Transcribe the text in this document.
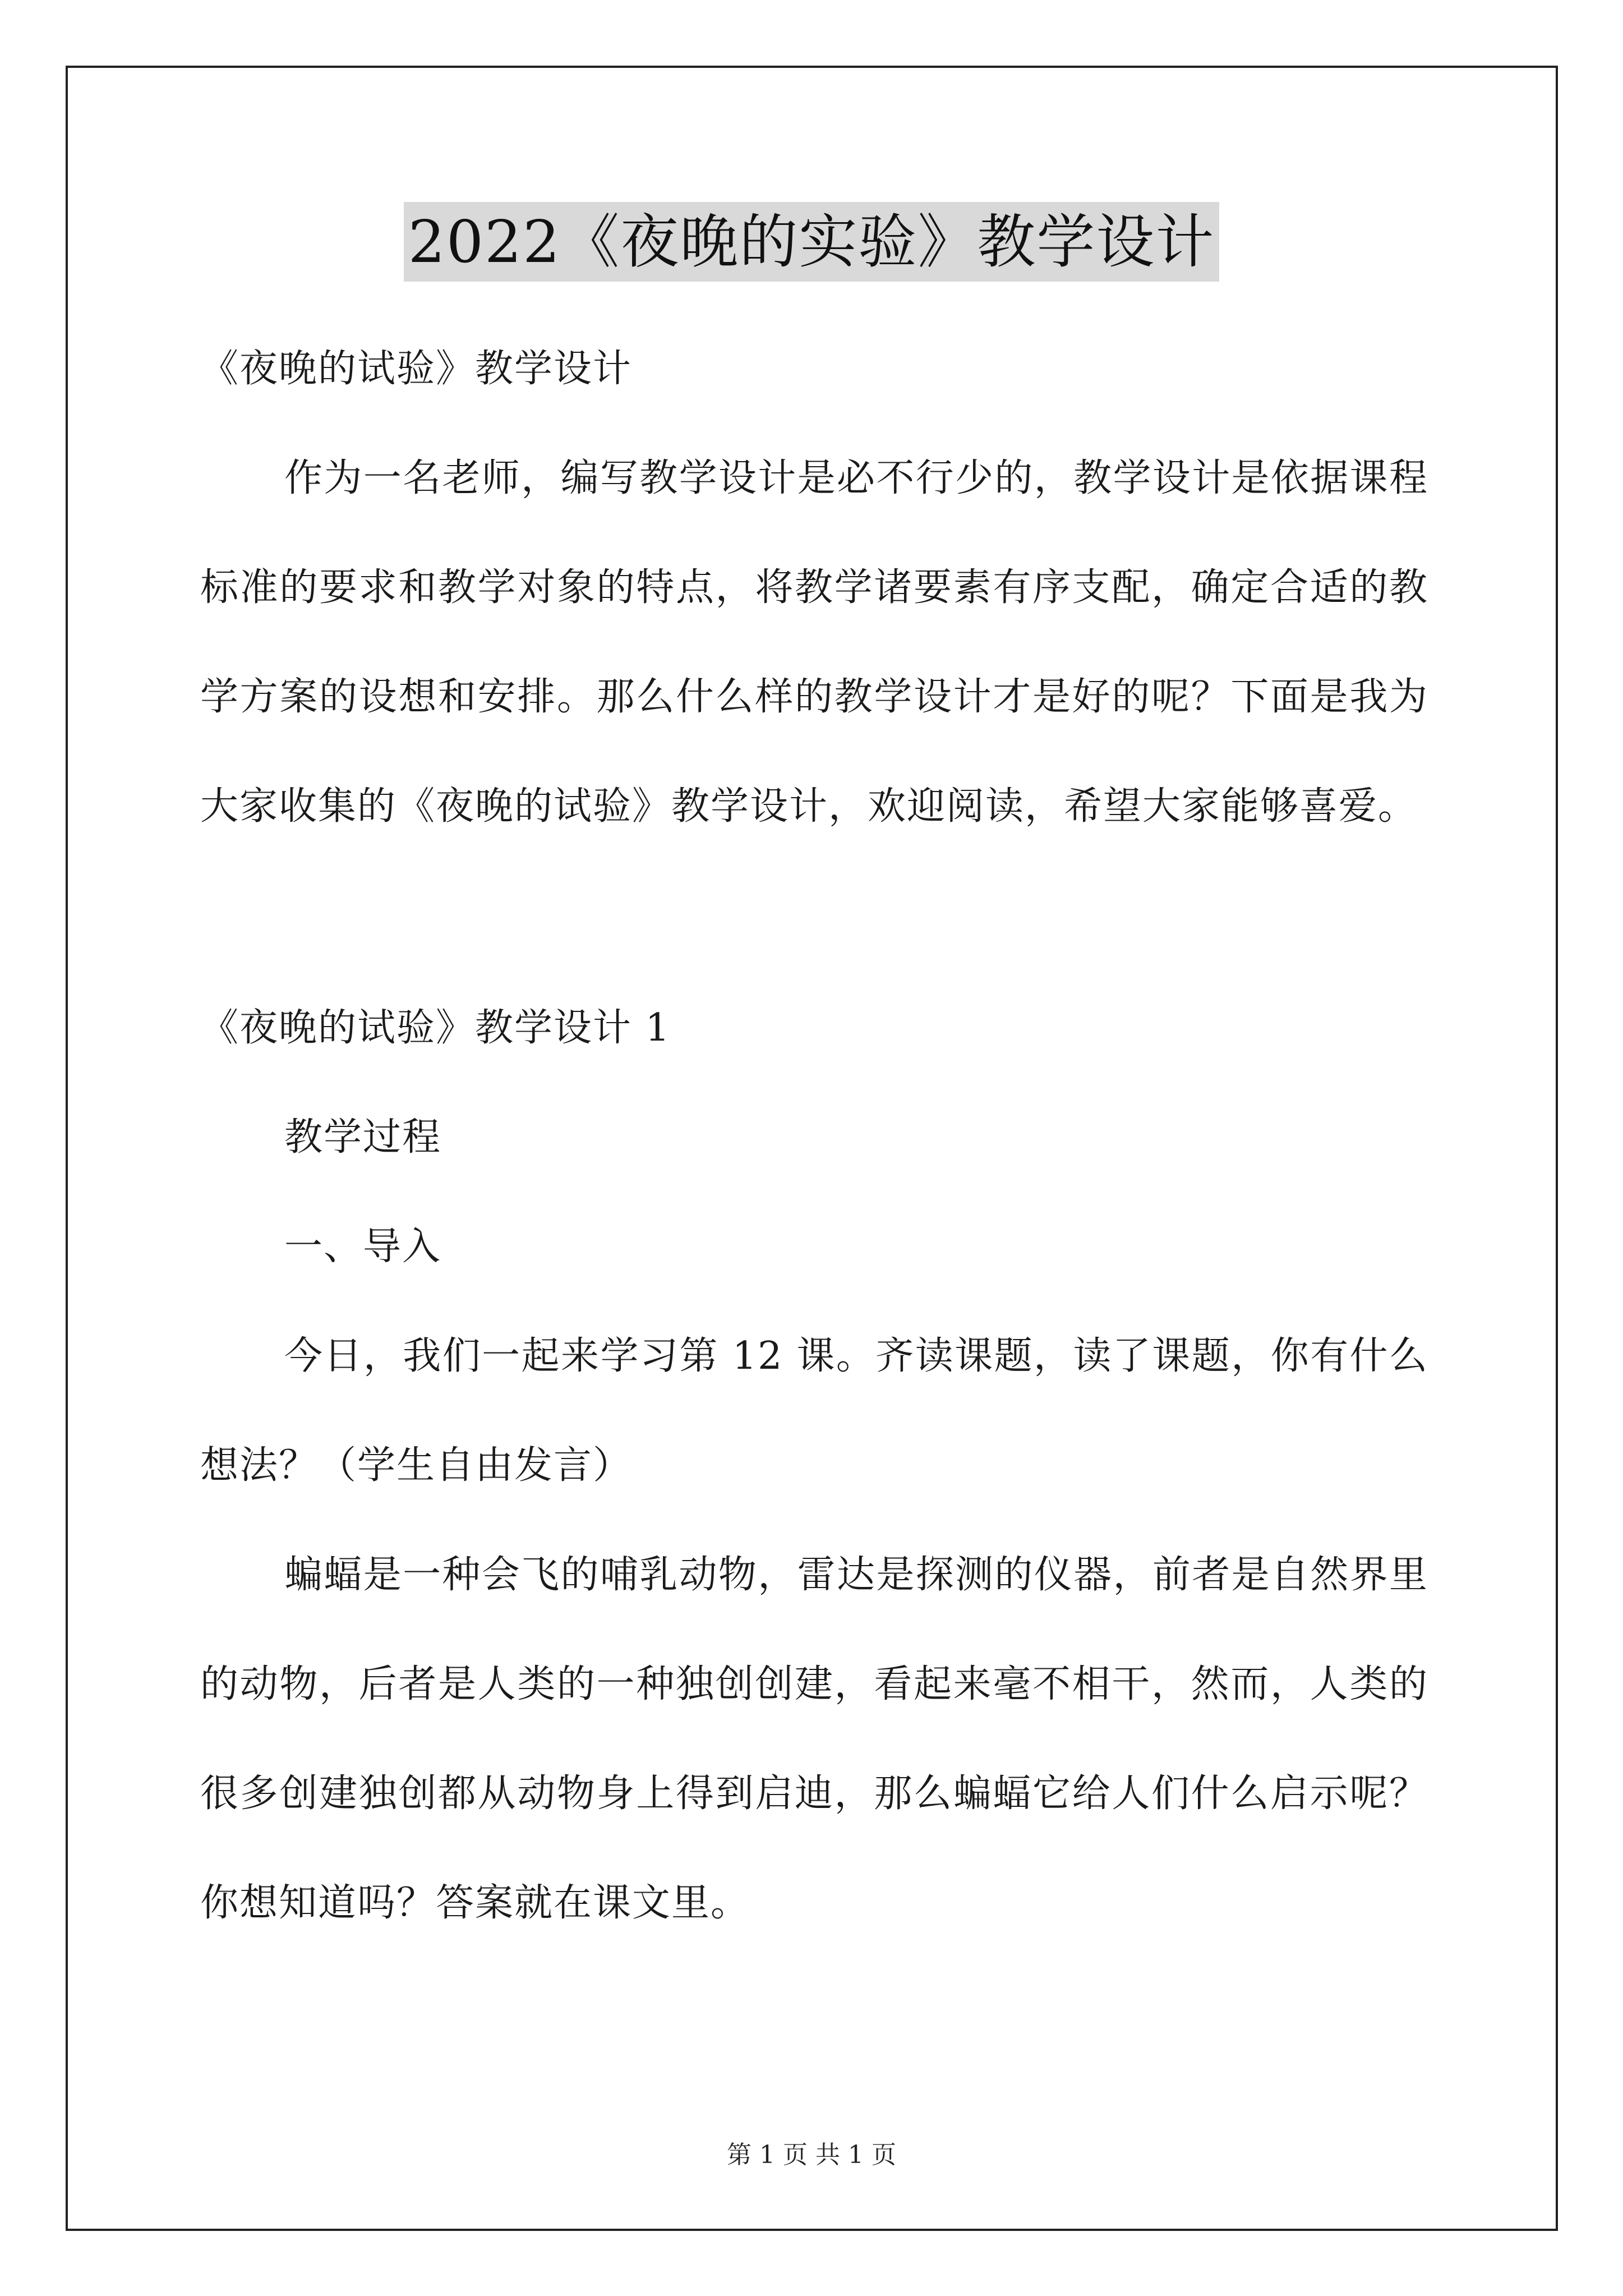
2022《夜晚的实验》教学设计
《夜晚的试验》教学设计

作为一名老师，编写教学设计是必不行少的，教学设计是依据课程标准的要求和教学对象的特点，将教学诸要素有序支配，确定合适的教学方案的设想和安排。那么什么样的教学设计才是好的呢？下面是我为大家收集的《夜晚的试验》教学设计，欢迎阅读，希望大家能够喜爱。

《夜晚的试验》教学设计 1
教学过程
一、导入

今日，我们一起来学习第 12 课。齐读课题，读了课题，你有什么想法？（学生自由发言）

蝙蝠是一种会飞的哺乳动物，雷达是探测的仪器，前者是自然界里的动物，后者是人类的一种独创创建，看起来毫不相干，然而，人类的很多创建独创都从动物身上得到启迪，那么蝙蝠它给人们什么启示呢？你想知道吗？答案就在课文里。

第 1 页 共 1 页
